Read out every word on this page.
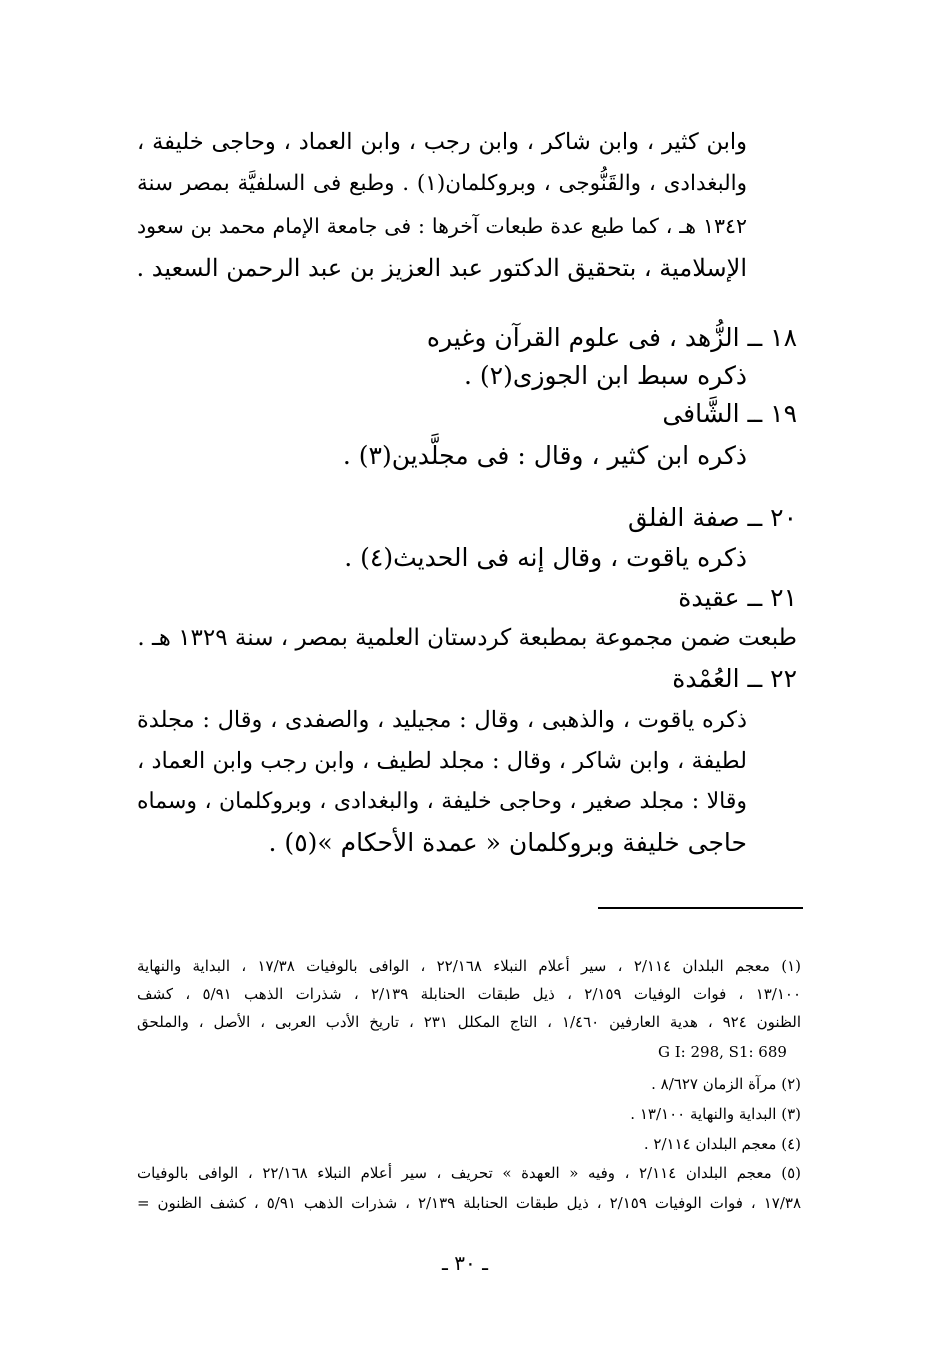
وابن كثير ، وابن شاكر ، وابن رجب ، وابن العماد ، وحاجى خليفة ،
والبغدادى ، والقَنُّوجى ، وبروكلمان(١) . وطبع فى السلفيَّة بمصر سنة
١٣٤٢ هـ ، كما طبع عدة طبعات آخرها : فى جامعة الإمام محمد بن سعود
الإسلامية ، بتحقيق الدكتور عبد العزيز بن عبد الرحمن السعيد .
١٨ ــ الزُّهد ، فى علوم القرآن وغيره
ذكره سبط ابن الجوزى(٢) .
١٩ ــ الشَّافى
ذكره ابن كثير ، وقال : فى مجلَّدين(٣) .
٢٠ ــ صفة الفلق
ذكره ياقوت ، وقال إنه فى الحديث(٤) .
٢١ ــ عقيدة
طبعت ضمن مجموعة بمطبعة كردستان العلمية بمصر ، سنة ١٣٢٩ هـ .
٢٢ ــ العُمْدة
ذكره ياقوت ، والذهبى ، وقال : مجيليد ، والصفدى ، وقال : مجلدة
لطيفة ، وابن شاكر ، وقال : مجلد لطيف ، وابن رجب وابن العماد ،
وقالا : مجلد صغير ، وحاجى خليفة ، والبغدادى ، وبروكلمان ، وسماه
حاجى خليفة وبروكلمان « عمدة الأحكام »(٥) .
(١) معجم البلدان ٢/١١٤ ، سير أعلام النبلاء ٢٢/١٦٨ ، الوافى بالوفيات ١٧/٣٨ ، البداية والنهاية
١٣/١٠٠ ، فوات الوفيات ٢/١٥٩ ، ذيل طبقات الحنابلة ٢/١٣٩ ، شذرات الذهب ٥/٩١ ، كشف
الظنون ٩٢٤ ، هدية العارفين ١/٤٦٠ ، التاج المكلل ٢٣١ ، تاريخ الأدب العربى ، الأصل ، والملحق
G I: 298, S1: 689
(٢) مرآة الزمان ٨/٦٢٧ .
(٣) البداية والنهاية ١٣/١٠٠ .
(٤) معجم البلدان ٢/١١٤ .
(٥) معجم البلدان ٢/١١٤ ، وفيه « العهدة » تحريف ، سير أعلام النبلاء ٢٢/١٦٨ ، الوافى بالوفيات
١٧/٣٨ ، فوات الوفيات ٢/١٥٩ ، ذيل طبقات الحنابلة ٢/١٣٩ ، شذرات الذهب ٥/٩١ ، كشف الظنون =
ـ ٣٠ ـ
